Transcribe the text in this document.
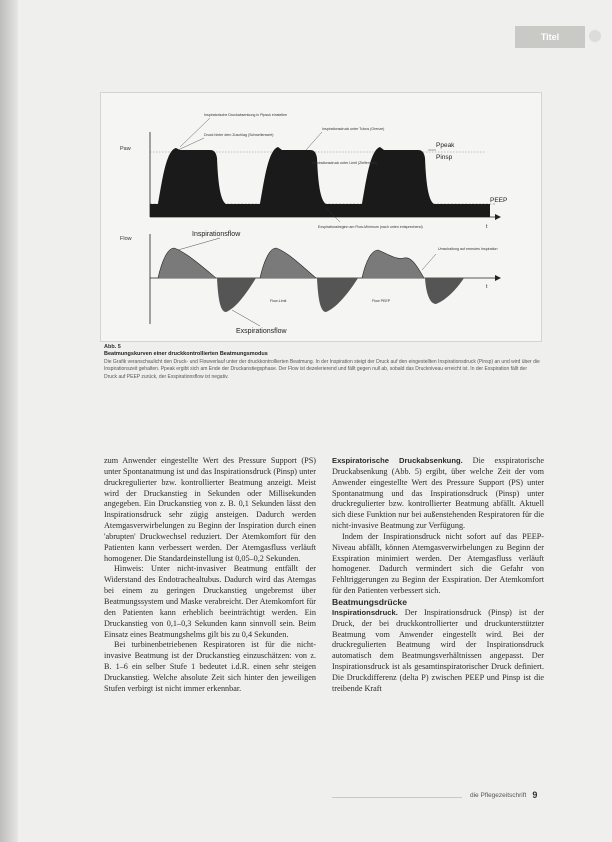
Titel
Paw
t
Inspiratorische Druckabsenkung in Pipsuk einstellen
Druck hinter dem Zuschlag (Schwellenwert)
Inspirationsdruck unter Tubus (Grenze)
Inspirationsdruck unter Limit (Zielfenster)
Ppeak
Pinsp
PEEP
Exspirationsbeginn am Flow-Minimum (nach unten entsprechend)
Flow
t
Inspirationsflow
Exspirationsflow
Umschaltung auf erneutes Inspiration
Flow-Limit	Flow PEEP
Abb. 5
Beatmungskurven einer druckkontrollierten Beatmungsmodus
Die Grafik veranschaulicht den Druck- und Flowverlauf unter der druckkontrollierten Beatmung. In der Inspiration steigt der Druck auf den eingestellten Inspirationsdruck (Pinsp) an und wird über die Inspirationszeit gehalten. Ppeak ergibt sich am Ende der Druckanstiegsphase. Der Flow ist dezelerierend und fällt gegen null ab, sobald das Druckniveau erreicht ist. In der Exspiration fällt der Druck auf PEEP zurück, der Exspirationsflow ist negativ.

zum Anwender eingestellte Wert des Pressure Support (PS) unter Spontanatmung ist und das Inspirationsdruck (Pinsp) unter druckregulierter bzw. kontrollierter Beatmung anzeigt. Meist wird der Druckanstieg in Sekunden oder Millisekunden angegeben. Ein Druckanstieg von z. B. 0,1 Sekunden lässt den Inspirationsdruck sehr zügig ansteigen. Dadurch werden Atemgasverwirbelungen zu Beginn der Inspiration durch einen 'abrupten' Druckwechsel reduziert. Der Atemkomfort für den Patienten kann verbessert werden. Der Atemgasfluss verläuft homogener. Die Standardeinstellung ist 0,05–0,2 Sekunden.

Hinweis: Unter nicht-invasiver Beatmung entfällt der Widerstand des Endotrachealtubus. Dadurch wird das Atemgas bei einem zu geringen Druckanstieg ungebremst über Beatmungssystem und Maske verabreicht. Der Atemkomfort für den Patienten kann erheblich beeinträchtigt werden. Ein Druckanstieg von 0,1–0,3 Sekunden kann sinnvoll sein. Beim Einsatz eines Beatmungshelms gilt bis zu 0,4 Sekunden.

Bei turbinenbetriebenen Respiratoren ist für die nicht-invasive Beatmung ist der Druckanstieg einzuschätzen: von z. B. 1–6 ein selber Stufe 1 bedeutet i.d.R. einen sehr steigen Druckanstieg. Welche absolute Zeit sich hinter den jeweiligen Stufen verbirgt ist nicht immer erkennbar.

Exspiratorische Druckabsenkung. Die exspiratorische Druckabsenkung (Abb. 5) ergibt, über welche Zeit der vom Anwender eingestellte Wert des Pressure Support (PS) unter Spontanatmung und das Inspirationsdruck (Pinsp) unter druckregulierter bzw. kontrollierter Beatmung abfällt. Aktuell sich diese Funktion nur bei außenstehenden Respiratoren für die nicht-invasive Beatmung zur Verfügung.

Indem der Inspirationsdruck nicht sofort auf das PEEP-Niveau abfällt, können Atemgasverwirbelungen zu Beginn der Exspiration minimiert werden. Der Atemgasfluss verläuft homogener. Dadurch vermindert sich die Gefahr von Fehltriggerungen zu Beginn der Exspiration. Der Atemkomfort für den Patienten verbessert sich.

Beatmungsdrücke

Inspirationsdruck. Der Inspirationsdruck (Pinsp) ist der Druck, der bei druckkontrollierter und druckunterstützter Beatmung vom Anwender eingestellt wird. Bei der druckregulierten Beatmung wird der Inspirationsdruck automatisch dem Beatmungsverhältnissen angepasst. Der Inspirationsdruck ist als gesamtinspiratorischer Druck definiert. Die Druckdifferenz (delta P) zwischen PEEP und Pinsp ist die treibende Kraft

die Pflegezeitschrift 9
